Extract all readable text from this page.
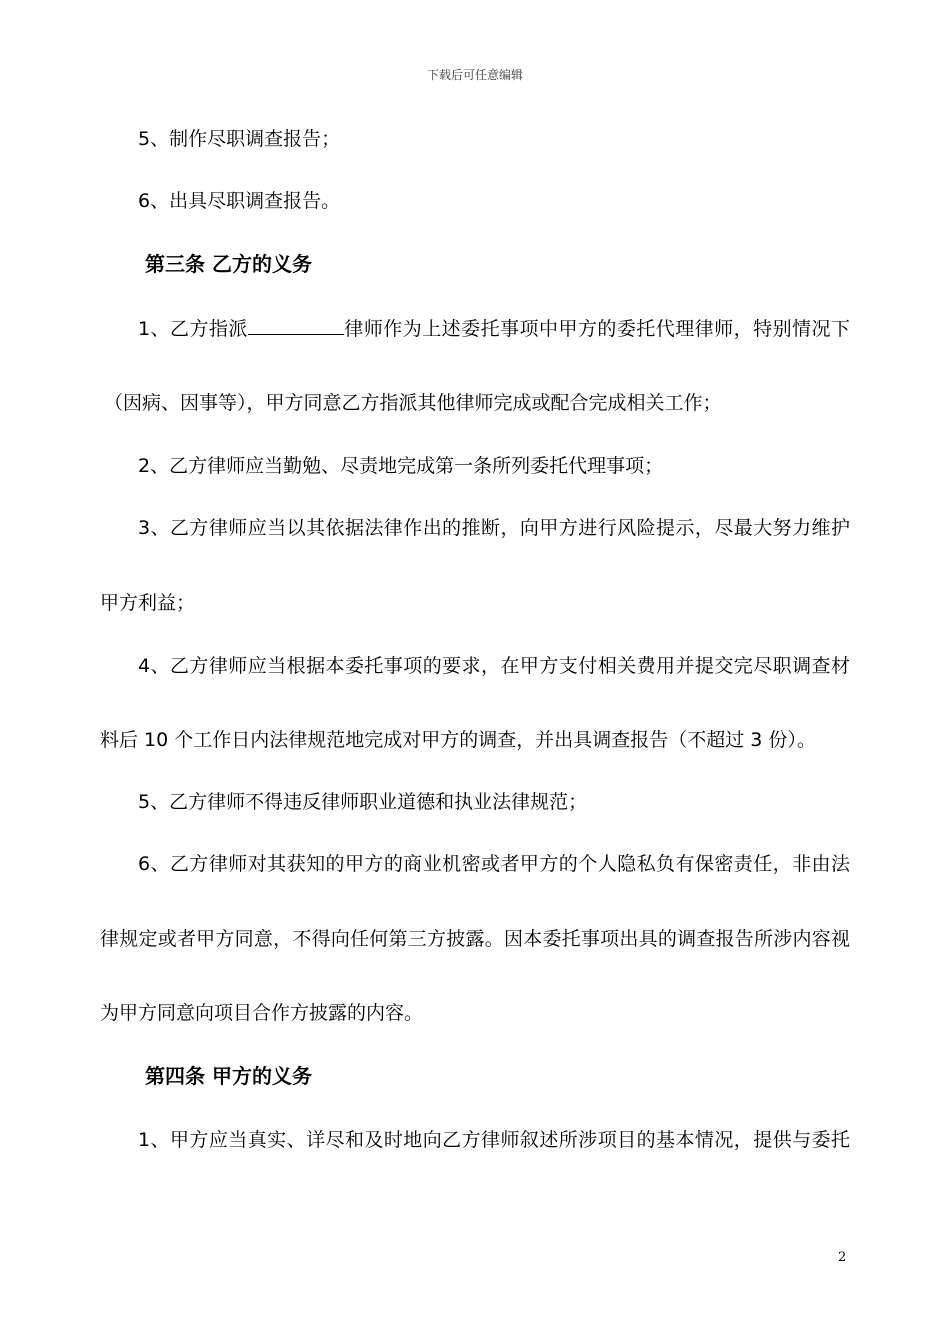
下载后可任意编辑
5、制作尽职调查报告；
6、出具尽职调查报告。
第三条 乙方的义务
1、乙方指派	律师作为上述委托事项中甲方的委托代理律师，特别情况下
（因病、因事等），甲方同意乙方指派其他律师完成或配合完成相关工作；
2、乙方律师应当勤勉、尽责地完成第一条所列委托代理事项；
3、乙方律师应当以其依据法律作出的推断，向甲方进行风险提示，尽最大努力维护
甲方利益；
4、乙方律师应当根据本委托事项的要求，在甲方支付相关费用并提交完尽职调查材
料后 10 个工作日内法律规范地完成对甲方的调查，并出具调查报告（不超过 3 份）。
5、乙方律师不得违反律师职业道德和执业法律规范；
6、乙方律师对其获知的甲方的商业机密或者甲方的个人隐私负有保密责任，非由法
律规定或者甲方同意，不得向任何第三方披露。因本委托事项出具的调查报告所涉内容视
为甲方同意向项目合作方披露的内容。
第四条 甲方的义务
1、甲方应当真实、详尽和及时地向乙方律师叙述所涉项目的基本情况，提供与委托
2
